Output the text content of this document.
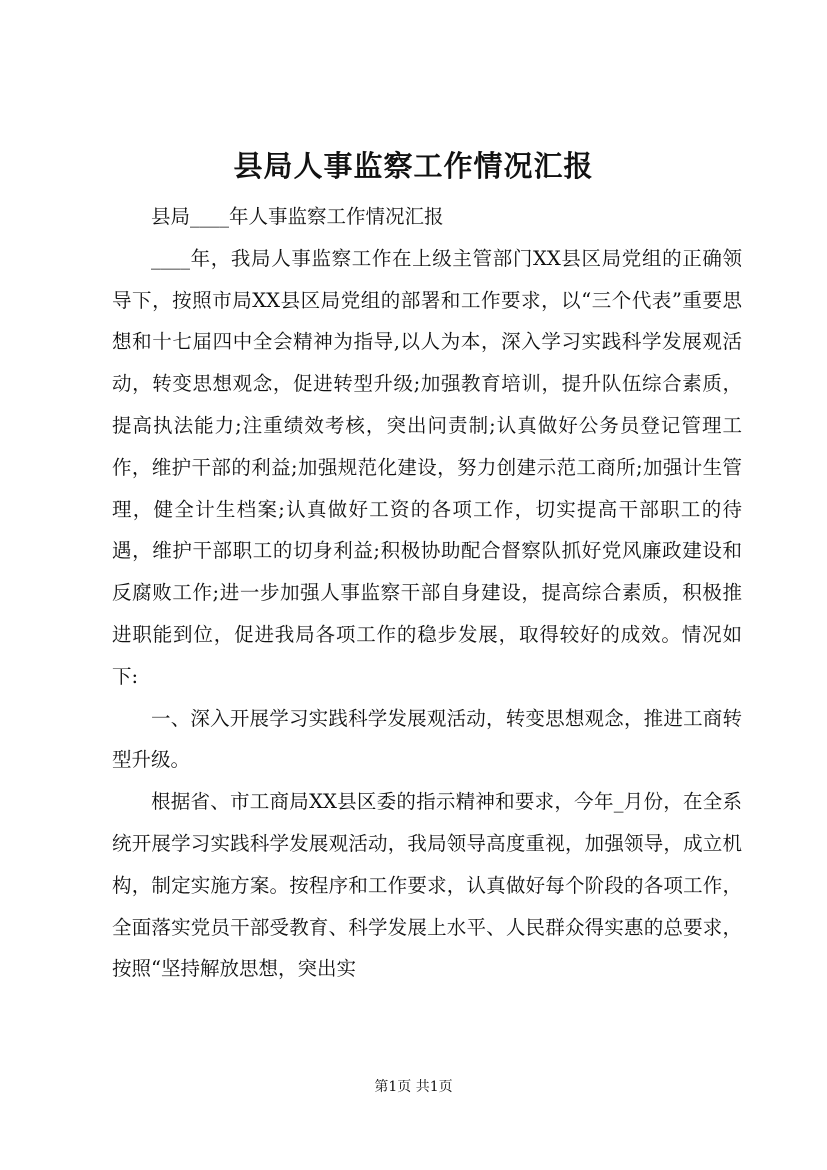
县局人事监察工作情况汇报

县局____年人事监察工作情况汇报

____年，我局人事监察工作在上级主管部门XX县区局党组的正确领导下，按照市局XX县区局党组的部署和工作要求，以“三个代表”重要思想和十七届四中全会精神为指导,以人为本，深入学习实践科学发展观活动，转变思想观念，促进转型升级;加强教育培训，提升队伍综合素质，提高执法能力;注重绩效考核，突出问责制;认真做好公务员登记管理工作，维护干部的利益;加强规范化建设，努力创建示范工商所;加强计生管理，健全计生档案;认真做好工资的各项工作，切实提高干部职工的待遇，维护干部职工的切身利益;积极协助配合督察队抓好党风廉政建设和反腐败工作;进一步加强人事监察干部自身建设，提高综合素质，积极推进职能到位，促进我局各项工作的稳步发展，取得较好的成效。情况如下:

一、深入开展学习实践科学发展观活动，转变思想观念，推进工商转型升级。

根据省、市工商局XX县区委的指示精神和要求，今年_月份，在全系统开展学习实践科学发展观活动，我局领导高度重视，加强领导，成立机构，制定实施方案。按程序和工作要求，认真做好每个阶段的各项工作，全面落实党员干部受教育、科学发展上水平、人民群众得实惠的总要求，按照“坚持解放思想，突出实

第1页 共1页
